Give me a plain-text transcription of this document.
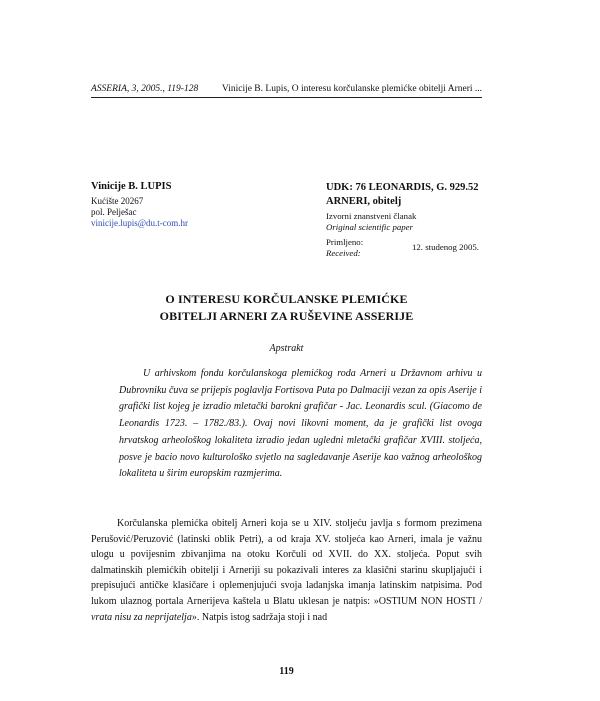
ASSERIA, 3, 2005., 119-128 Vinicije B. Lupis, O interesu korčulanske plemićke obitelji Arneri ...
Vinicije B. LUPIS
Kućište 20267
pol. Pelješac
vinicije.lupis@du.t-com.hr
UDK: 76 LEONARDIS, G. 929.52 ARNERI, obitelj
Izvorni znanstveni članak
Original scientific paper
Primljeno:
Received:
12. studenog 2005.
O INTERESU KORČULANSKE PLEMIĆKE
OBITELJI ARNERI ZA RUŠEVINE ASSERIJE
Apstrakt

U arhivskom fondu korčulanskoga plemićkog roda Arneri u Državnom arhivu u Dubrovniku čuva se prijepis poglavlja Fortisova Puta po Dalmaciji vezan za opis Aserije i grafički list kojeg je izradio mletački barokni grafičar - Jac. Leonardis scul. (Giacomo de Leonardis 1723. – 1782./83.). Ovaj novi likovni moment, da je grafički list ovoga hrvatskog arheološkog lokaliteta izradio jedan ugledni mletački grafičar XVIII. stoljeća, posve je bacio novo kulturološko svjetlo na sagledavanje Aserije kao važnog arheološkog lokaliteta u širim europskim razmjerima.

Korčulanska plemićka obitelj Arneri koja se u XIV. stoljeću javlja s formom prezimena Perušović/Peruzović (latinski oblik Petri), a od kraja XV. stoljeća kao Arneri, imala je važnu ulogu u povijesnim zbivanjima na otoku Korčuli od XVII. do XX. stoljeća. Poput svih dalmatinskih plemićkih obitelji i Arneriji su pokazivali interes za klasični starinu skupljajući i prepisujući antičke klasičare i oplemenjujući svoja ladanjska imanja latinskim natpisima. Pod lukom ulaznog portala Arnerijeva kaštela u Blatu uklesan je natpis: »OSTIUM NON HOSTI / vrata nisu za neprijatelja». Natpis istog sadržaja stoji i nad

119
